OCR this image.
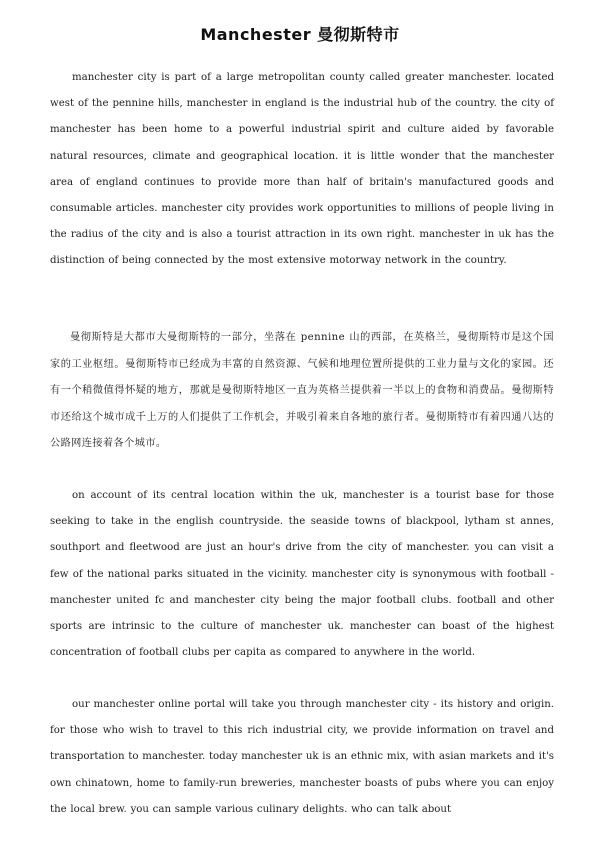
Manchester 曼彻斯特市

manchester city is part of a large metropolitan county called greater manchester. located west of the pennine hills, manchester in england is the industrial hub of the country. the city of manchester has been home to a powerful industrial spirit and culture aided by favorable natural resources, climate and geographical location. it is little wonder that the manchester area of england continues to provide more than half of britain's manufactured goods and consumable articles. manchester city provides work opportunities to millions of people living in the radius of the city and is also a tourist attraction in its own right. manchester in uk has the distinction of being connected by the most extensive motorway network in the country.

曼彻斯特是大都市大曼彻斯特的一部分，坐落在 pennine 山的西部，在英格兰，曼彻斯特市是这个国家的工业枢纽。曼彻斯特市已经成为丰富的自然资源、气候和地理位置所提供的工业力量与文化的家园。还有一个稍微值得怀疑的地方，那就是曼彻斯特地区一直为英格兰提供着一半以上的食物和消费品。曼彻斯特市还给这个城市成千上万的人们提供了工作机会，并吸引着来自各地的旅行者。曼彻斯特市有着四通八达的公路网连接着各个城市。

on account of its central location within the uk, manchester is a tourist base for those seeking to take in the english countryside. the seaside towns of blackpool, lytham st annes, southport and fleetwood are just an hour's drive from the city of manchester. you can visit a few of the national parks situated in the vicinity. manchester city is synonymous with football - manchester united fc and manchester city being the major football clubs. football and other sports are intrinsic to the culture of manchester uk. manchester can boast of the highest concentration of football clubs per capita as compared to anywhere in the world.

our manchester online portal will take you through manchester city - its history and origin. for those who wish to travel to this rich industrial city, we provide information on travel and transportation to manchester. today manchester uk is an ethnic mix, with asian markets and it's own chinatown, home to family-run breweries, manchester boasts of pubs where you can enjoy the local brew. you can sample various culinary delights. who can talk about
